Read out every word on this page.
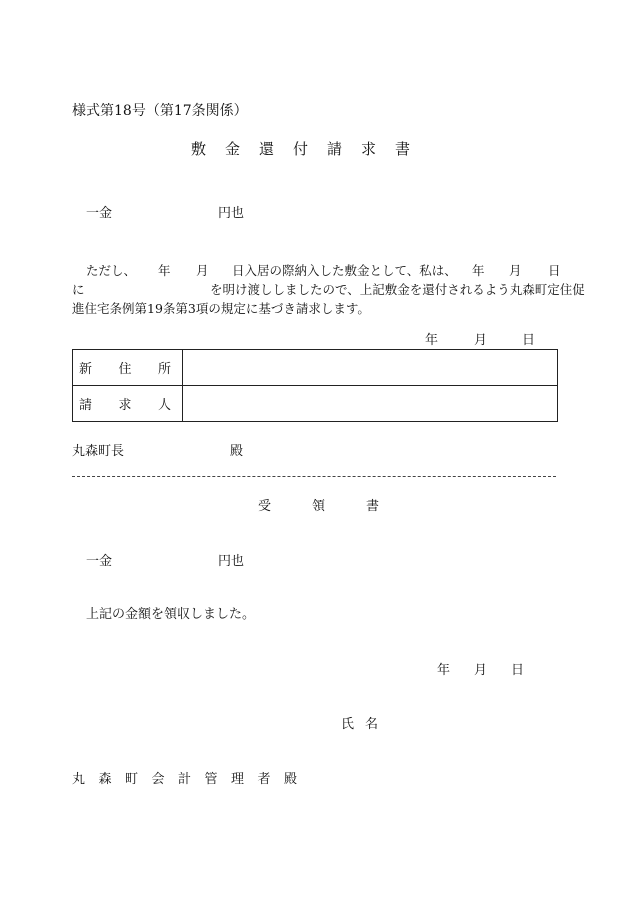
様式第18号（第17条関係）
敷	金	還	付	請	求	書
一金	円也
ただし、 年 月 日入居の際納入した敷金として、私は、 年 月 日
に	を明け渡ししましたので、上記敷金を還付されるよう丸森町定住促
進住宅条例第19条第3項の規定に基づき請求します。
年	月	日
新 住 所	

請 求 人	

丸森町長	殿
受	領	書
一金	円也
上記の金額を領収しました。
年 月 日
氏 名
丸	森	町	会	計	管	理	者	殿
